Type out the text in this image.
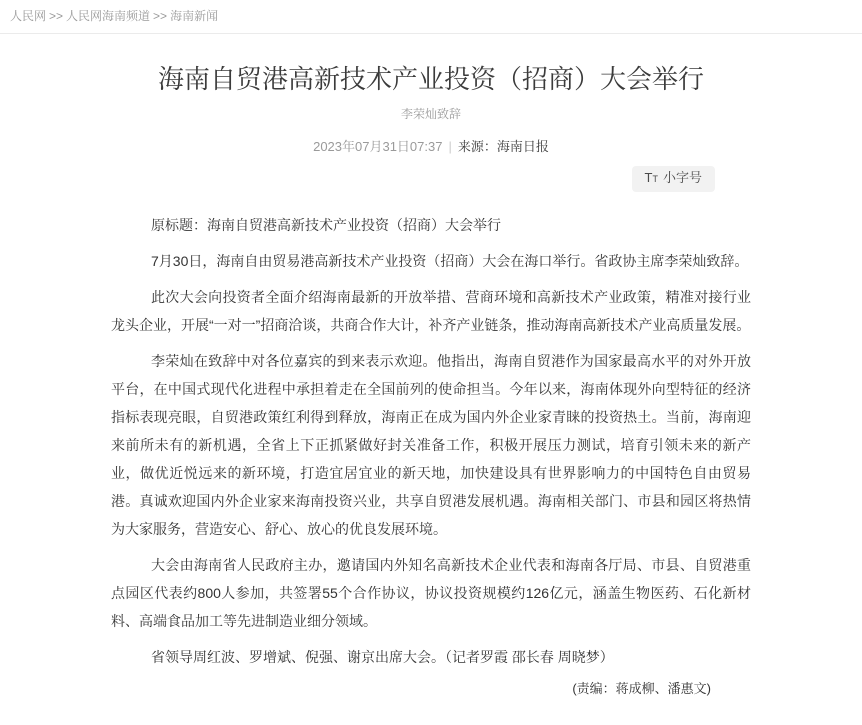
人民网 >> 人民网海南频道 >> 海南新闻
海南自贸港高新技术产业投资（招商）大会举行

李荣灿致辞

2023年07月31日07:37 | 来源：海南日报

T T 小字号

原标题：海南自贸港高新技术产业投资（招商）大会举行

7月30日，海南自由贸易港高新技术产业投资（招商）大会在海口举行。省政协主席李荣灿致辞。

此次大会向投资者全面介绍海南最新的开放举措、营商环境和高新技术产业政策，精准对接行业龙头企业，开展“一对一”招商洽谈，共商合作大计，补齐产业链条，推动海南高新技术产业高质量发展。

李荣灿在致辞中对各位嘉宾的到来表示欢迎。他指出，海南自贸港作为国家最高水平的对外开放平台，在中国式现代化进程中承担着走在全国前列的使命担当。今年以来，海南体现外向型特征的经济指标表现亮眼，自贸港政策红利得到释放，海南正在成为国内外企业家青睐的投资热土。当前，海南迎来前所未有的新机遇，全省上下正抓紧做好封关准备工作，积极开展压力测试，培育引领未来的新产业，做优近悦远来的新环境，打造宜居宜业的新天地，加快建设具有世界影响力的中国特色自由贸易港。真诚欢迎国内外企业家来海南投资兴业，共享自贸港发展机遇。海南相关部门、市县和园区将热情为大家服务，营造安心、舒心、放心的优良发展环境。

大会由海南省人民政府主办，邀请国内外知名高新技术企业代表和海南各厅局、市县、自贸港重点园区代表约800人参加，共签署55个合作协议，协议投资规模约126亿元，涵盖生物医药、石化新材料、高端食品加工等先进制造业细分领域。

省领导周红波、罗增斌、倪强、谢京出席大会。（记者罗霞 邵长春 周晓梦）

(责编：蒋成柳、潘惠文)
